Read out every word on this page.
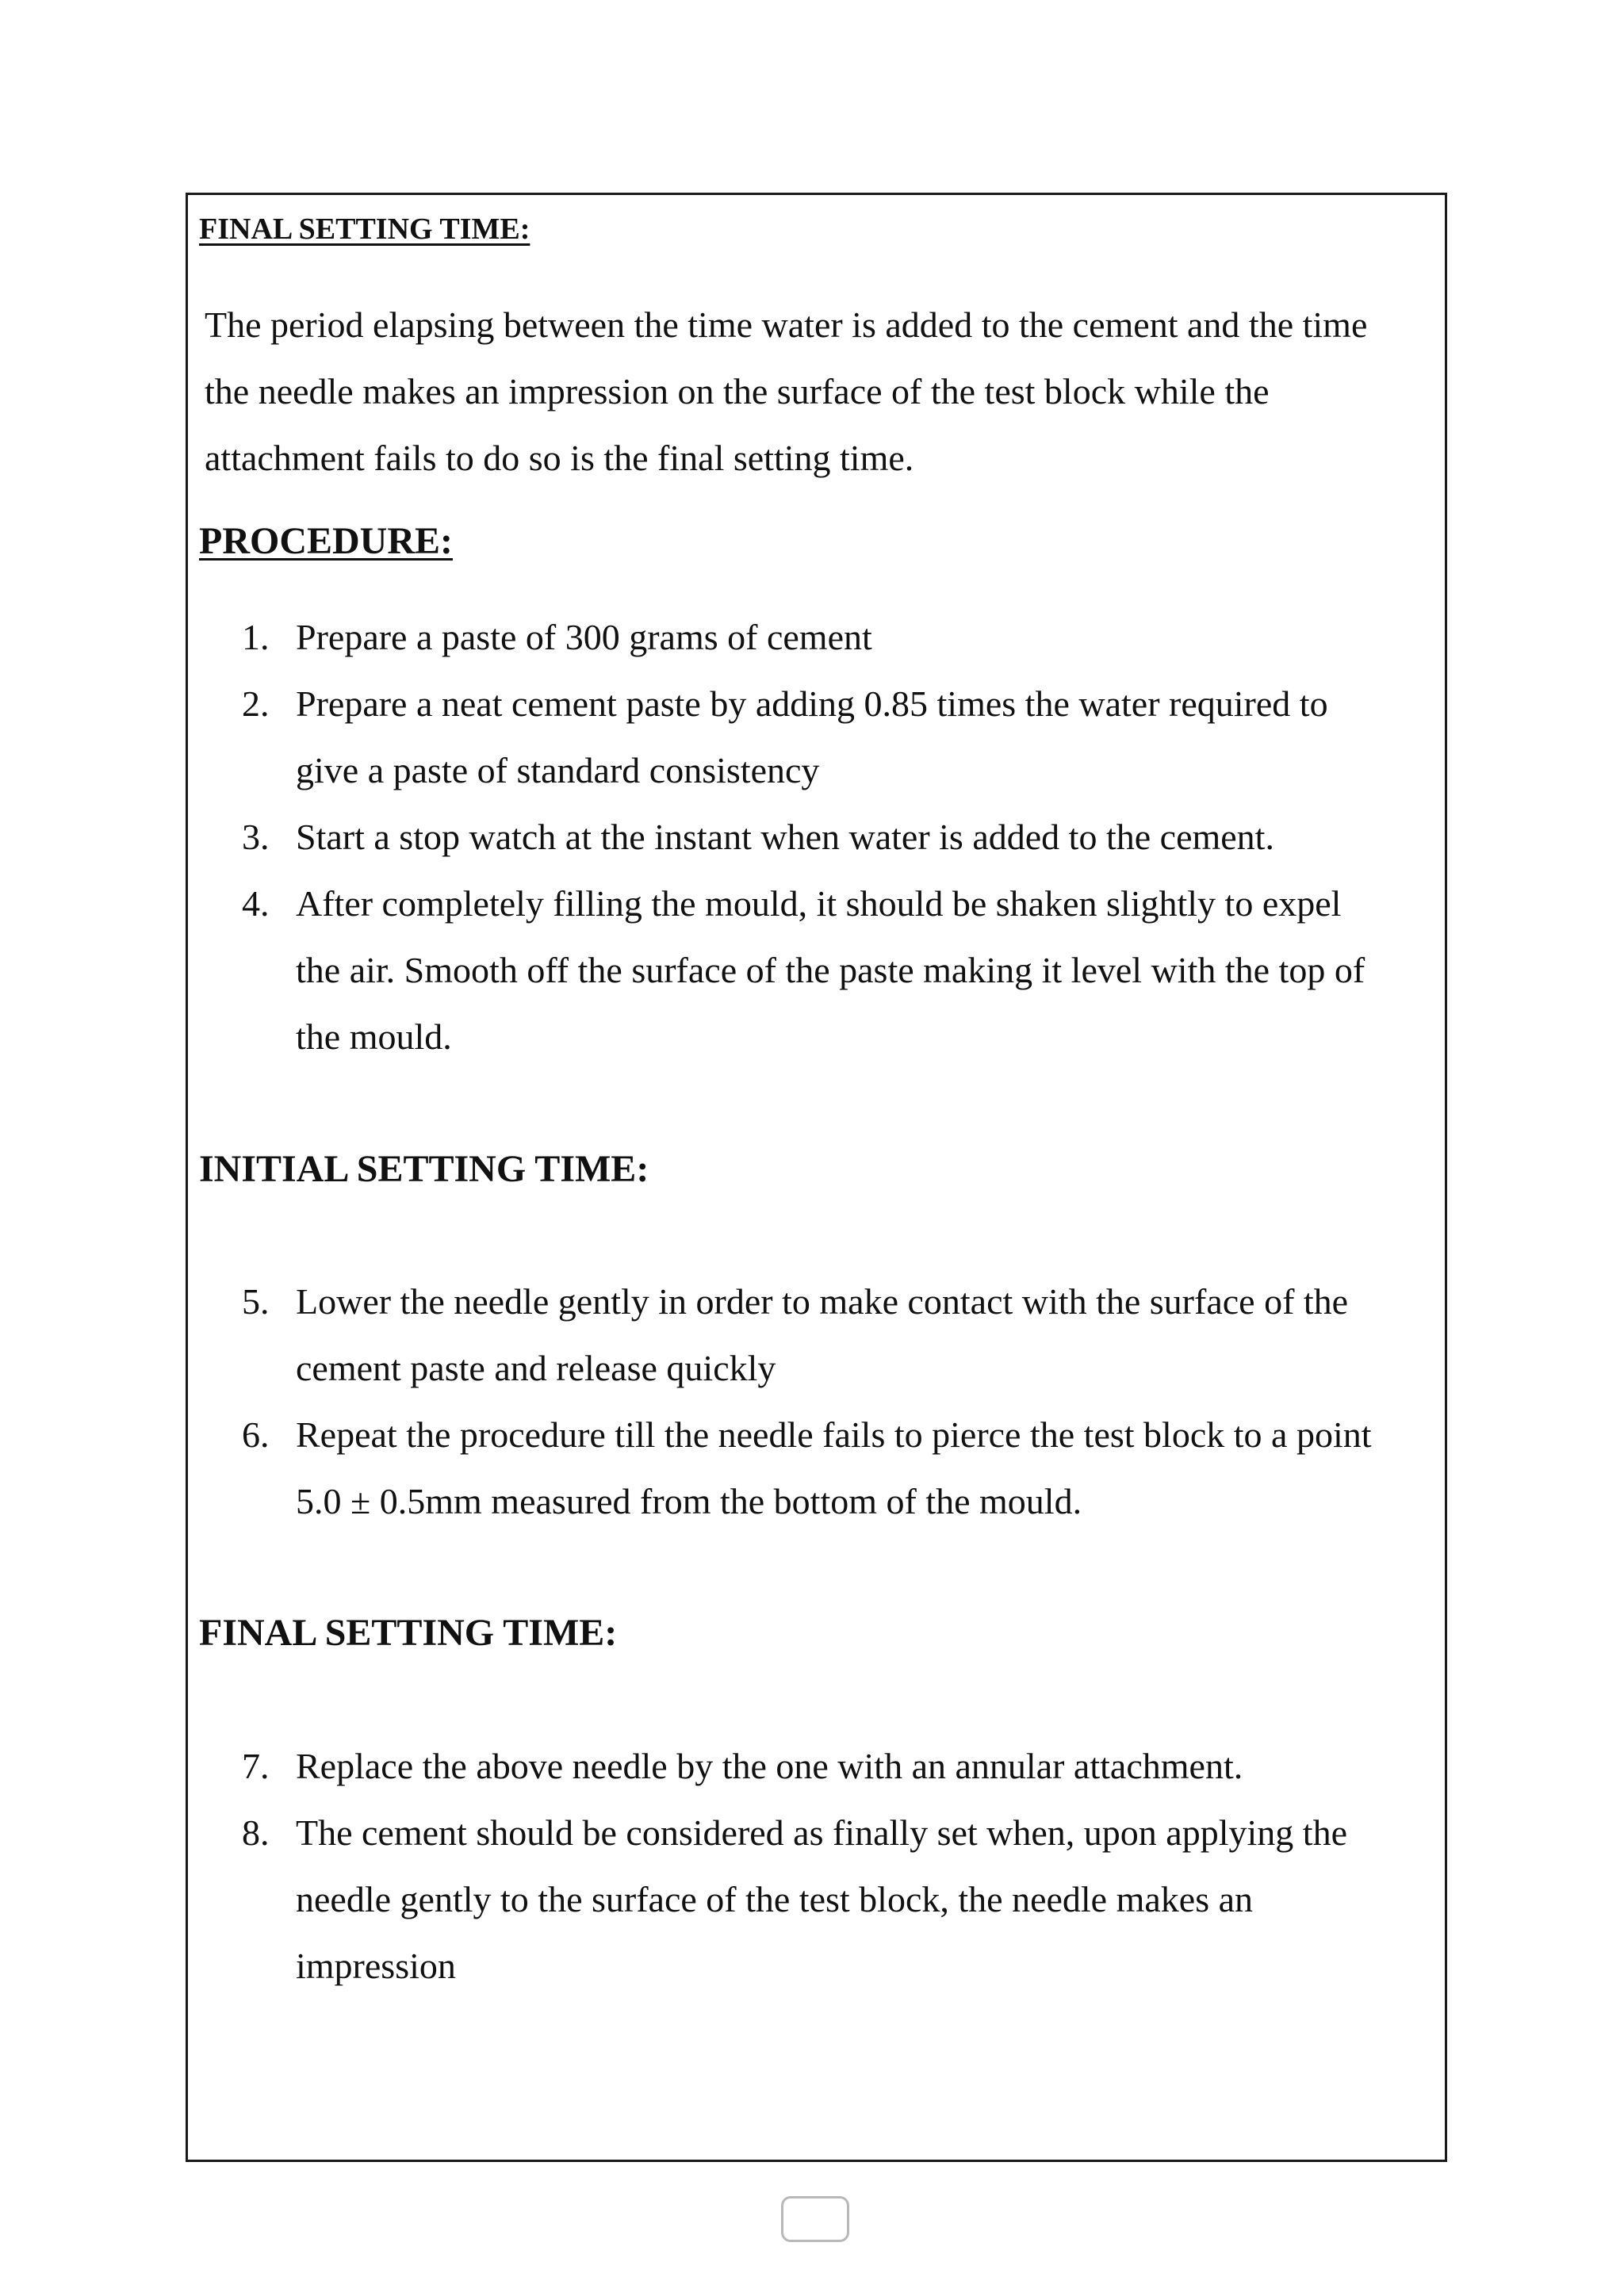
FINAL SETTING TIME:
The period elapsing between the time water is added to the cement and the time
the needle makes an impression on the surface of the test block while the
attachment fails to do so is the final setting time.
PROCEDURE:
1. Prepare a paste of 300 grams of cement
2. Prepare a neat cement paste by adding 0.85 times the water required to
give a paste of standard consistency
3. Start a stop watch at the instant when water is added to the cement.
4. After completely filling the mould, it should be shaken slightly to expel
the air. Smooth off the surface of the paste making it level with the top of
the mould.
INITIAL SETTING TIME:
5. Lower the needle gently in order to make contact with the surface of the
cement paste and release quickly
6. Repeat the procedure till the needle fails to pierce the test block to a point
5.0 ± 0.5mm measured from the bottom of the mould.
FINAL SETTING TIME:
7. Replace the above needle by the one with an annular attachment.
8. The cement should be considered as finally set when, upon applying the
needle gently to the surface of the test block, the needle makes an
impression
